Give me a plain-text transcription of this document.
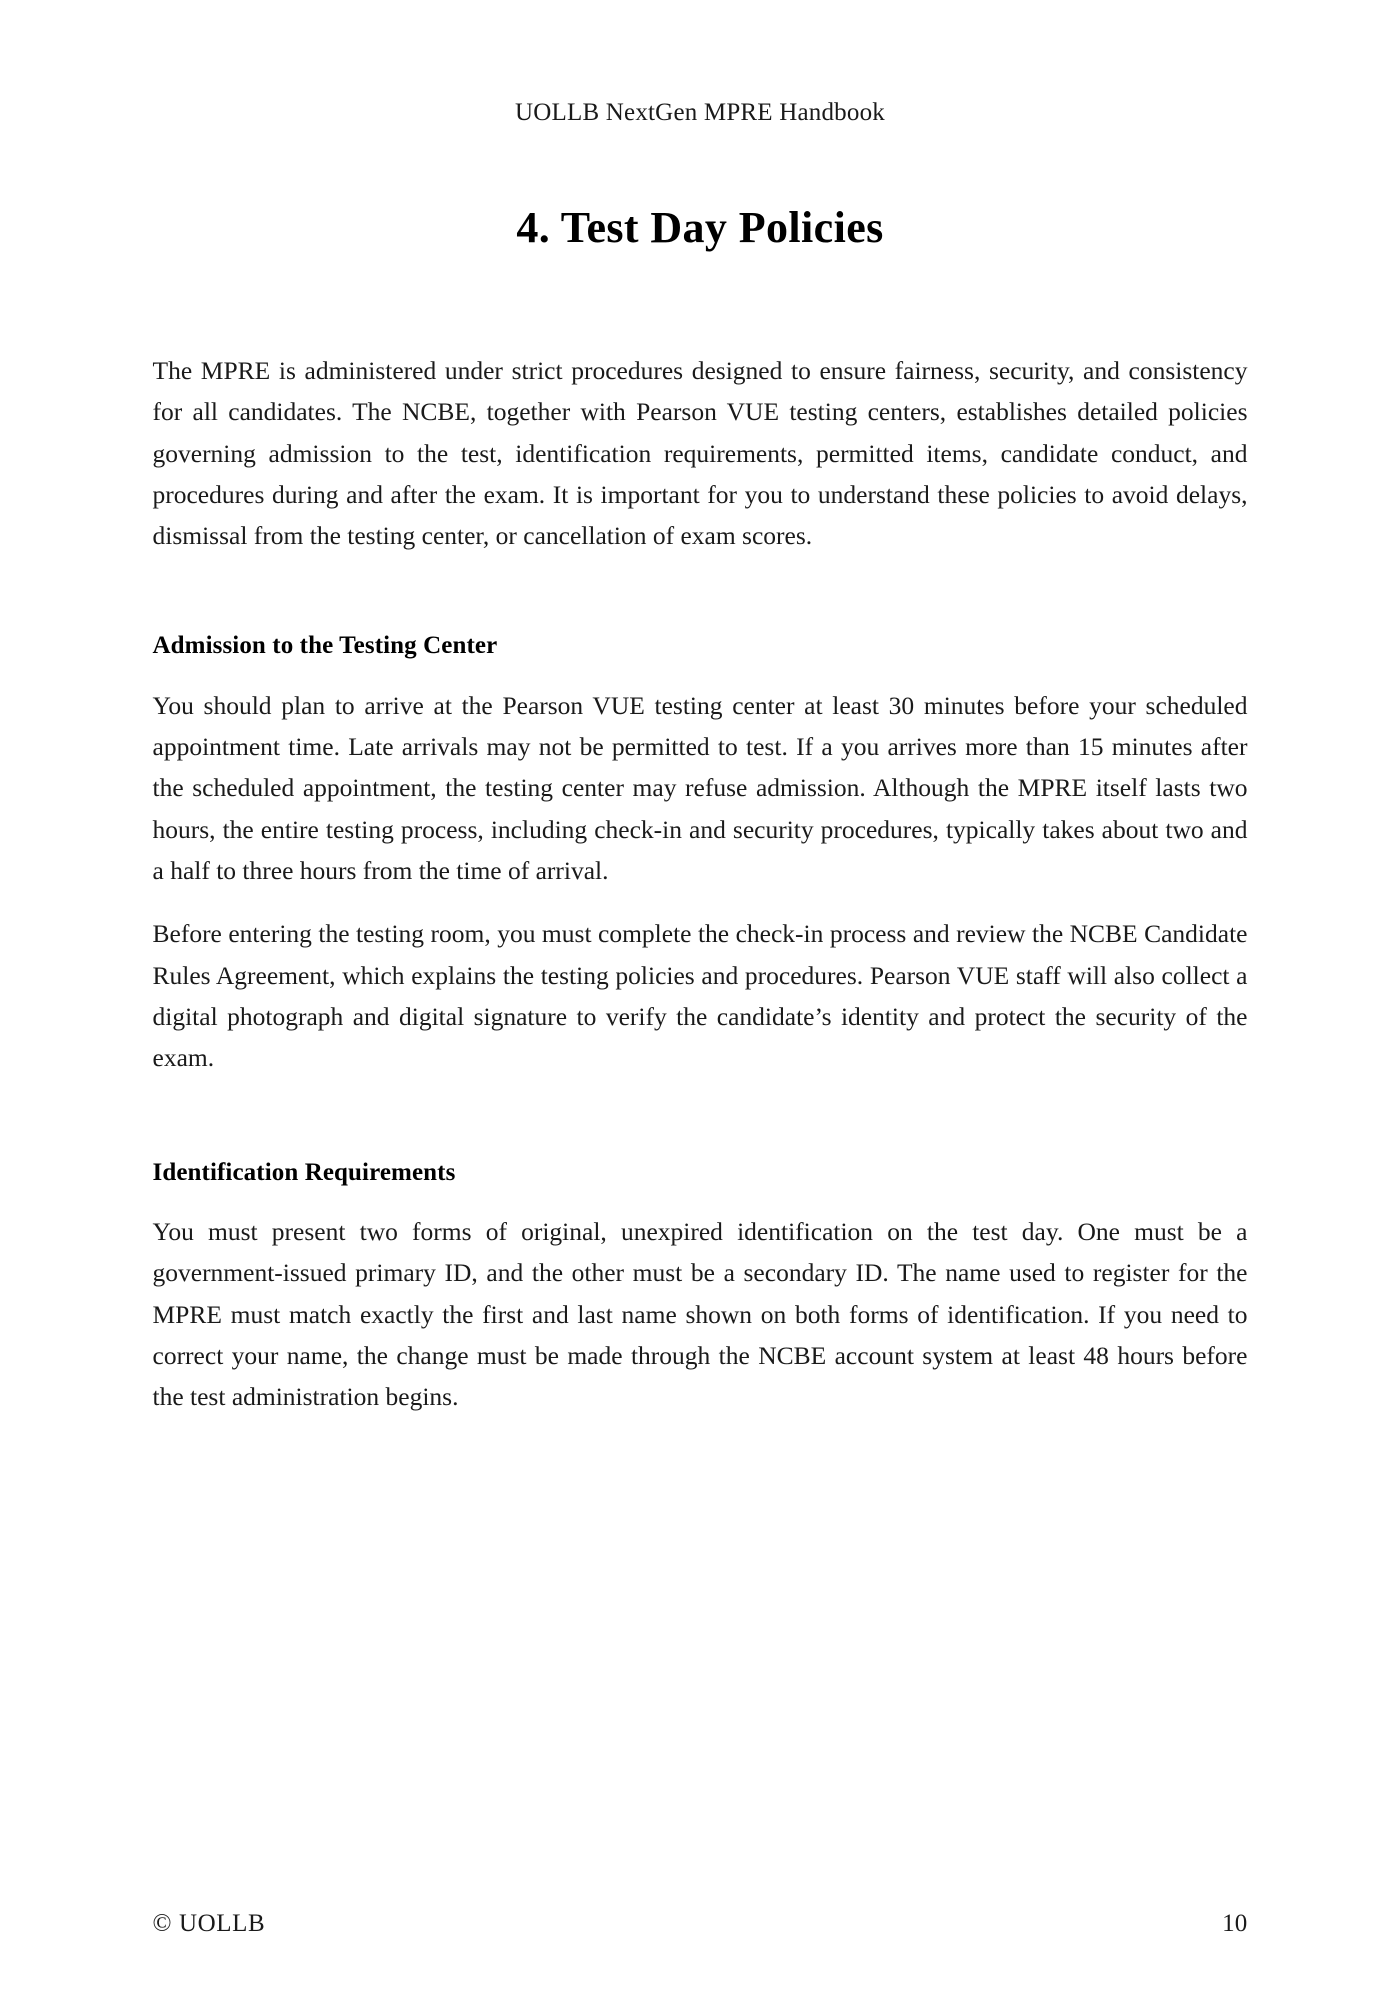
UOLLB NextGen MPRE Handbook
4. Test Day Policies

The MPRE is administered under strict procedures designed to ensure fairness, security, and consistency for all candidates. The NCBE, together with Pearson VUE testing centers, establishes detailed policies governing admission to the test, identification requirements, permitted items, candidate conduct, and procedures during and after the exam. It is important for you to understand these policies to avoid delays, dismissal from the testing center, or cancellation of exam scores.

Admission to the Testing Center

You should plan to arrive at the Pearson VUE testing center at least 30 minutes before your scheduled appointment time. Late arrivals may not be permitted to test. If a you arrives more than 15 minutes after the scheduled appointment, the testing center may refuse admission. Although the MPRE itself lasts two hours, the entire testing process, including check-in and security procedures, typically takes about two and a half to three hours from the time of arrival.

Before entering the testing room, you must complete the check-in process and review the NCBE Candidate Rules Agreement, which explains the testing policies and procedures. Pearson VUE staff will also collect a digital photograph and digital signature to verify the candidate’s identity and protect the security of the exam.

Identification Requirements

You must present two forms of original, unexpired identification on the test day. One must be a government-issued primary ID, and the other must be a secondary ID. The name used to register for the MPRE must match exactly the first and last name shown on both forms of identification. If you need to correct your name, the change must be made through the NCBE account system at least 48 hours before the test administration begins.

© UOLLB	10
